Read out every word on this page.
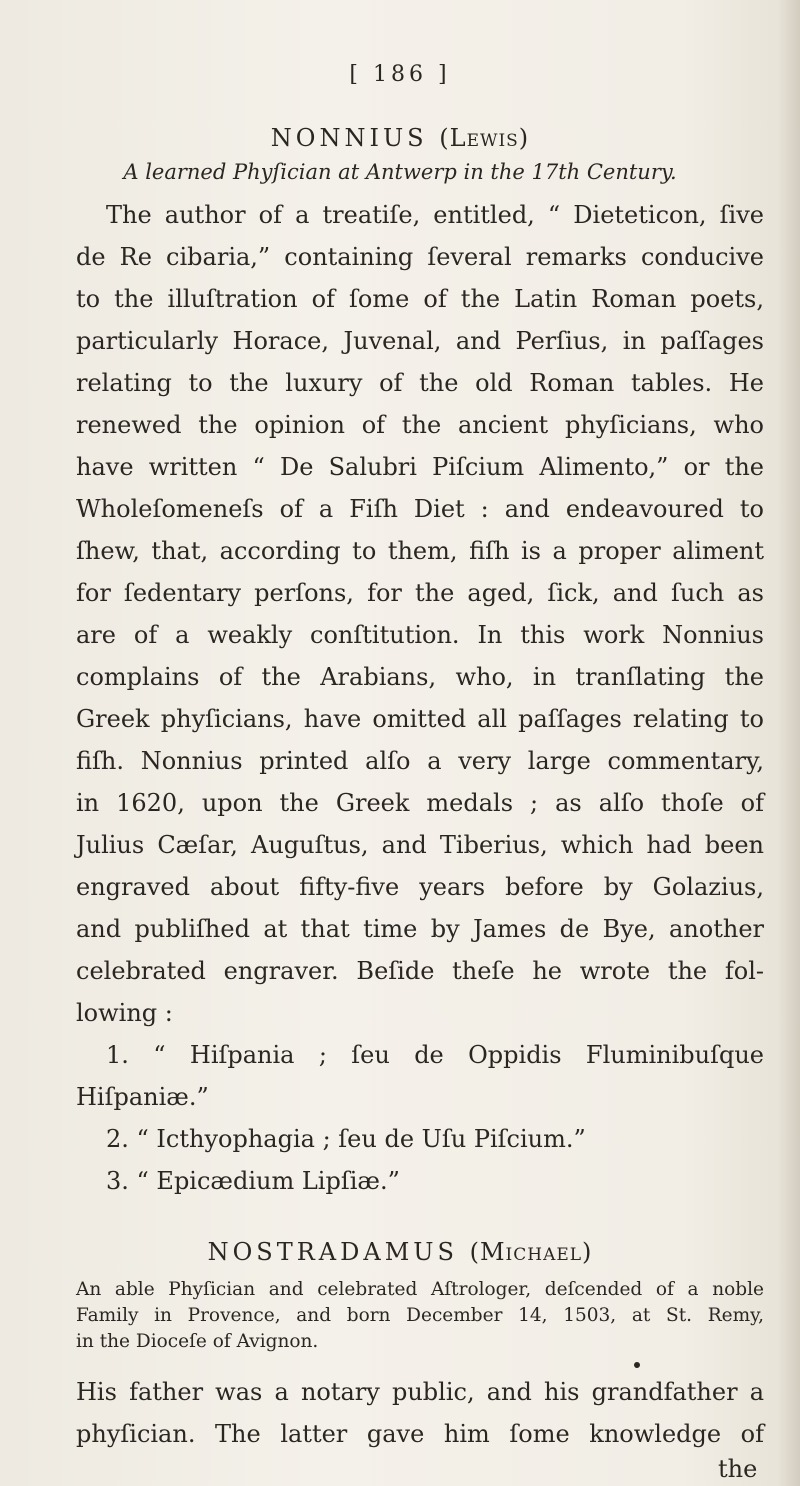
[ 186 ]
NONNIUS (Lewis)
A learned Phyſician at Antwerp in the 17th Century.
The author of a treatiſe, entitled, “ Dieteticon, ſive
de Re cibaria,” containing ſeveral remarks conducive
to the illuſtration of ſome of the Latin Roman poets,
particularly Horace, Juvenal, and Perſius, in paſſages
relating to the luxury of the old Roman tables. He
renewed the opinion of the ancient phyſicians, who
have written “ De Salubri Piſcium Alimento,” or the
Wholeſomeneſs of a Fiſh Diet : and endeavoured to
ſhew, that, according to them, fiſh is a proper aliment
for ſedentary perſons, for the aged, ſick, and ſuch as
are of a weakly conſtitution. In this work Nonnius
complains of the Arabians, who, in tranſlating the
Greek phyſicians, have omitted all paſſages relating to
fiſh. Nonnius printed alſo a very large commentary,
in 1620, upon the Greek medals ; as alſo thoſe of
Julius Cæſar, Auguſtus, and Tiberius, which had been
engraved about fifty-five years before by Golazius,
and publiſhed at that time by James de Bye, another
celebrated engraver. Beſide theſe he wrote the fol-
lowing :
1. “ Hiſpania ; ſeu de Oppidis Fluminibuſque
Hiſpaniæ.”
2. “ Icthyophagia ; ſeu de Uſu Piſcium.”
3. “ Epicædium Lipſiæ.”
NOSTRADAMUS (Michael)
An able Phyſician and celebrated Aſtrologer, deſcended of a noble
Family in Provence, and born December 14, 1503, at St. Remy,
in the Dioceſe of Avignon.
His father was a notary public, and his grandfather a
phyſician. The latter gave him ſome knowledge of
the
